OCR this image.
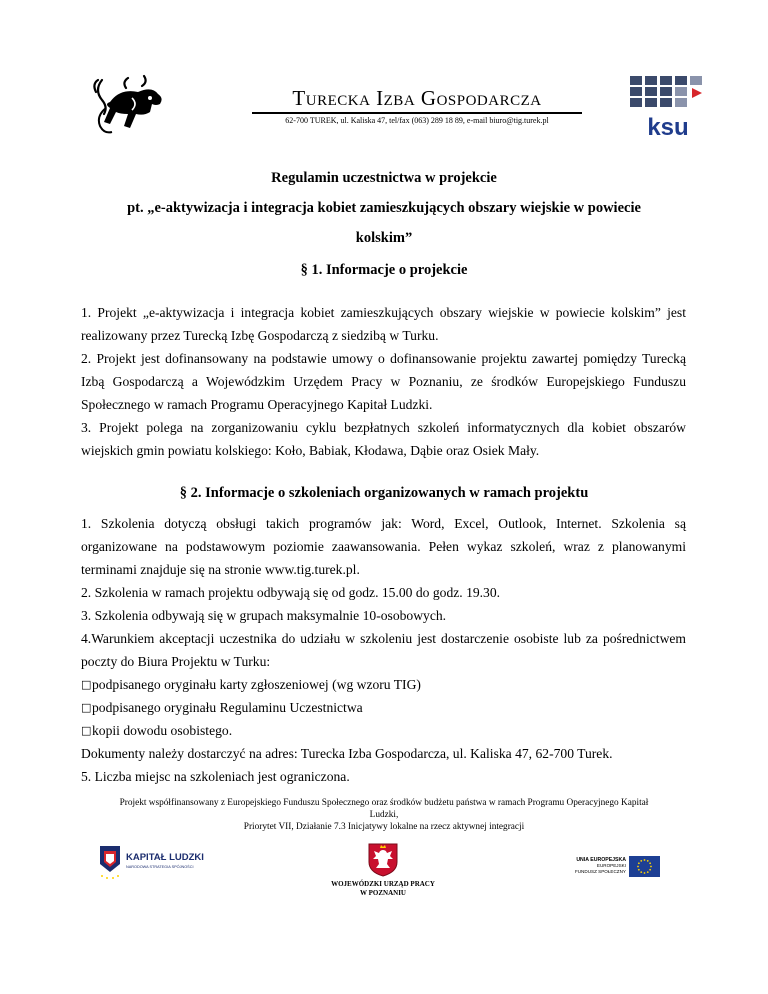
Turecka Izba Gospodarcza
62-700 TUREK, ul. Kaliska 47, tel/fax (063) 289 18 89, e-mail biuro@tig.turek.pl	ksu
Regulamin uczestnictwa w projekcie
pt. „e-aktywizacja i integracja kobiet zamieszkujących obszary wiejskie w powiecie kolskim”
§ 1. Informacje o projekcie

1. Projekt „e-aktywizacja i integracja kobiet zamieszkujących obszary wiejskie w powiecie kolskim” jest realizowany przez Turecką Izbę Gospodarczą z siedzibą w Turku.

2. Projekt jest dofinansowany na podstawie umowy o dofinansowanie projektu zawartej pomiędzy Turecką Izbą Gospodarczą a Wojewódzkim Urzędem Pracy w Poznaniu, ze środków Europejskiego Funduszu Społecznego w ramach Programu Operacyjnego Kapitał Ludzki.

3. Projekt polega na zorganizowaniu cyklu bezpłatnych szkoleń informatycznych dla kobiet obszarów wiejskich gmin powiatu kolskiego: Koło, Babiak, Kłodawa, Dąbie oraz Osiek Mały.

§ 2. Informacje o szkoleniach organizowanych w ramach projektu

1. Szkolenia dotyczą obsługi takich programów jak: Word, Excel, Outlook, Internet. Szkolenia są organizowane na podstawowym poziomie zaawansowania. Pełen wykaz szkoleń, wraz z planowanymi terminami znajduje się na stronie www.tig.turek.pl.

2. Szkolenia w ramach projektu odbywają się od godz. 15.00 do godz. 19.30.

3. Szkolenia odbywają się w grupach maksymalnie 10-osobowych.

4.Warunkiem akceptacji uczestnika do udziału w szkoleniu jest dostarczenie osobiste lub za pośrednictwem poczty do Biura Projektu w Turku:

□ podpisanego oryginału karty zgłoszeniowej (wg wzoru TIG)
□ podpisanego oryginału Regulaminu Uczestnictwa
□ kopii dowodu osobistego.

Dokumenty należy dostarczyć na adres: Turecka Izba Gospodarcza, ul. Kaliska 47, 62-700 Turek.

5. Liczba miejsc na szkoleniach jest ograniczona.

Projekt współfinansowany z Europejskiego Funduszu Społecznego oraz środków budżetu państwa w ramach Programu Operacyjnego Kapitał Ludzki,
Priorytet VII, Działanie 7.3 Inicjatywy lokalne na rzecz aktywnej integracji
KAPITAŁ LUDZKI
NARODOWA STRATEGIA SPÓJNOŚCI
WOJEWÓDZKI URZĄD PRACY
W POZNANIU
UNIA EUROPEJSKA
EUROPEJSKI
FUNDUSZ SPOŁECZNY
